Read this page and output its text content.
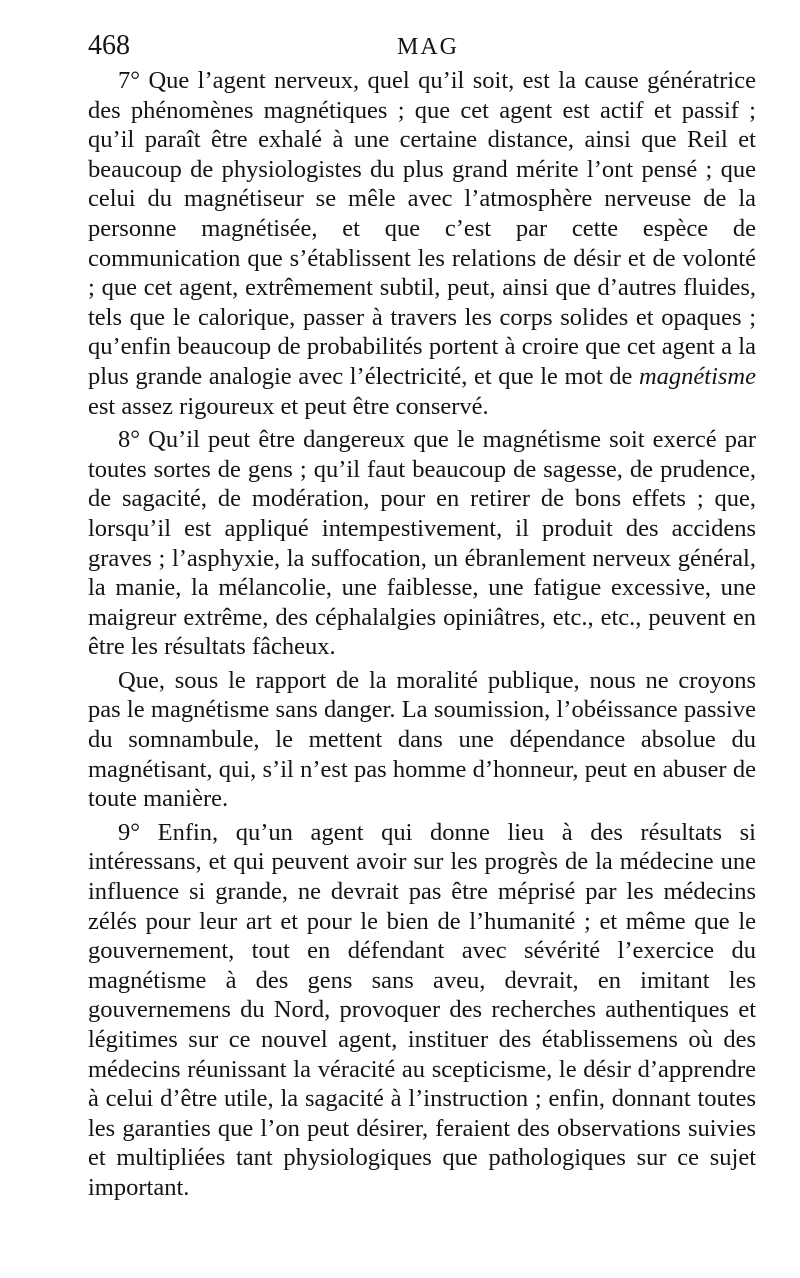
468	MAG

7° Que l’agent nerveux, quel qu’il soit, est la cause génératrice des phénomènes magnétiques ; que cet agent est actif et passif ; qu’il paraît être exhalé à une certaine distance, ainsi que Reil et beaucoup de physiologistes du plus grand mérite l’ont pensé ; que celui du magnétiseur se mêle avec l’atmosphère nerveuse de la personne magnétisée, et que c’est par cette espèce de communication que s’établissent les relations de désir et de volonté ; que cet agent, extrêmement subtil, peut, ainsi que d’autres fluides, tels que le calorique, passer à travers les corps solides et opaques ; qu’enfin beaucoup de probabilités portent à croire que cet agent a la plus grande analogie avec l’électricité, et que le mot de magnétisme est assez rigoureux et peut être conservé.

8° Qu’il peut être dangereux que le magnétisme soit exercé par toutes sortes de gens ; qu’il faut beaucoup de sagesse, de prudence, de sagacité, de modération, pour en retirer de bons effets ; que, lorsqu’il est appliqué intempestivement, il produit des accidens graves ; l’asphyxie, la suffocation, un ébranlement nerveux général, la manie, la mélancolie, une faiblesse, une fatigue excessive, une maigreur extrême, des céphalalgies opiniâtres, etc., etc., peuvent en être les résultats fâcheux.

Que, sous le rapport de la moralité publique, nous ne croyons pas le magnétisme sans danger. La soumission, l’obéissance passive du somnambule, le mettent dans une dépendance absolue du magnétisant, qui, s’il n’est pas homme d’honneur, peut en abuser de toute manière.

9° Enfin, qu’un agent qui donne lieu à des résultats si intéressans, et qui peuvent avoir sur les progrès de la médecine une influence si grande, ne devrait pas être méprisé par les médecins zélés pour leur art et pour le bien de l’humanité ; et même que le gouvernement, tout en défendant avec sévérité l’exercice du magnétisme à des gens sans aveu, devrait, en imitant les gouvernemens du Nord, provoquer des recherches authentiques et légitimes sur ce nouvel agent, instituer des établissemens où des médecins réunissant la véracité au scepticisme, le désir d’apprendre à celui d’être utile, la sagacité à l’instruction ; enfin, donnant toutes les garanties que l’on peut désirer, feraient des observations suivies et multipliées tant physiologiques que pathologiques sur ce sujet important.
